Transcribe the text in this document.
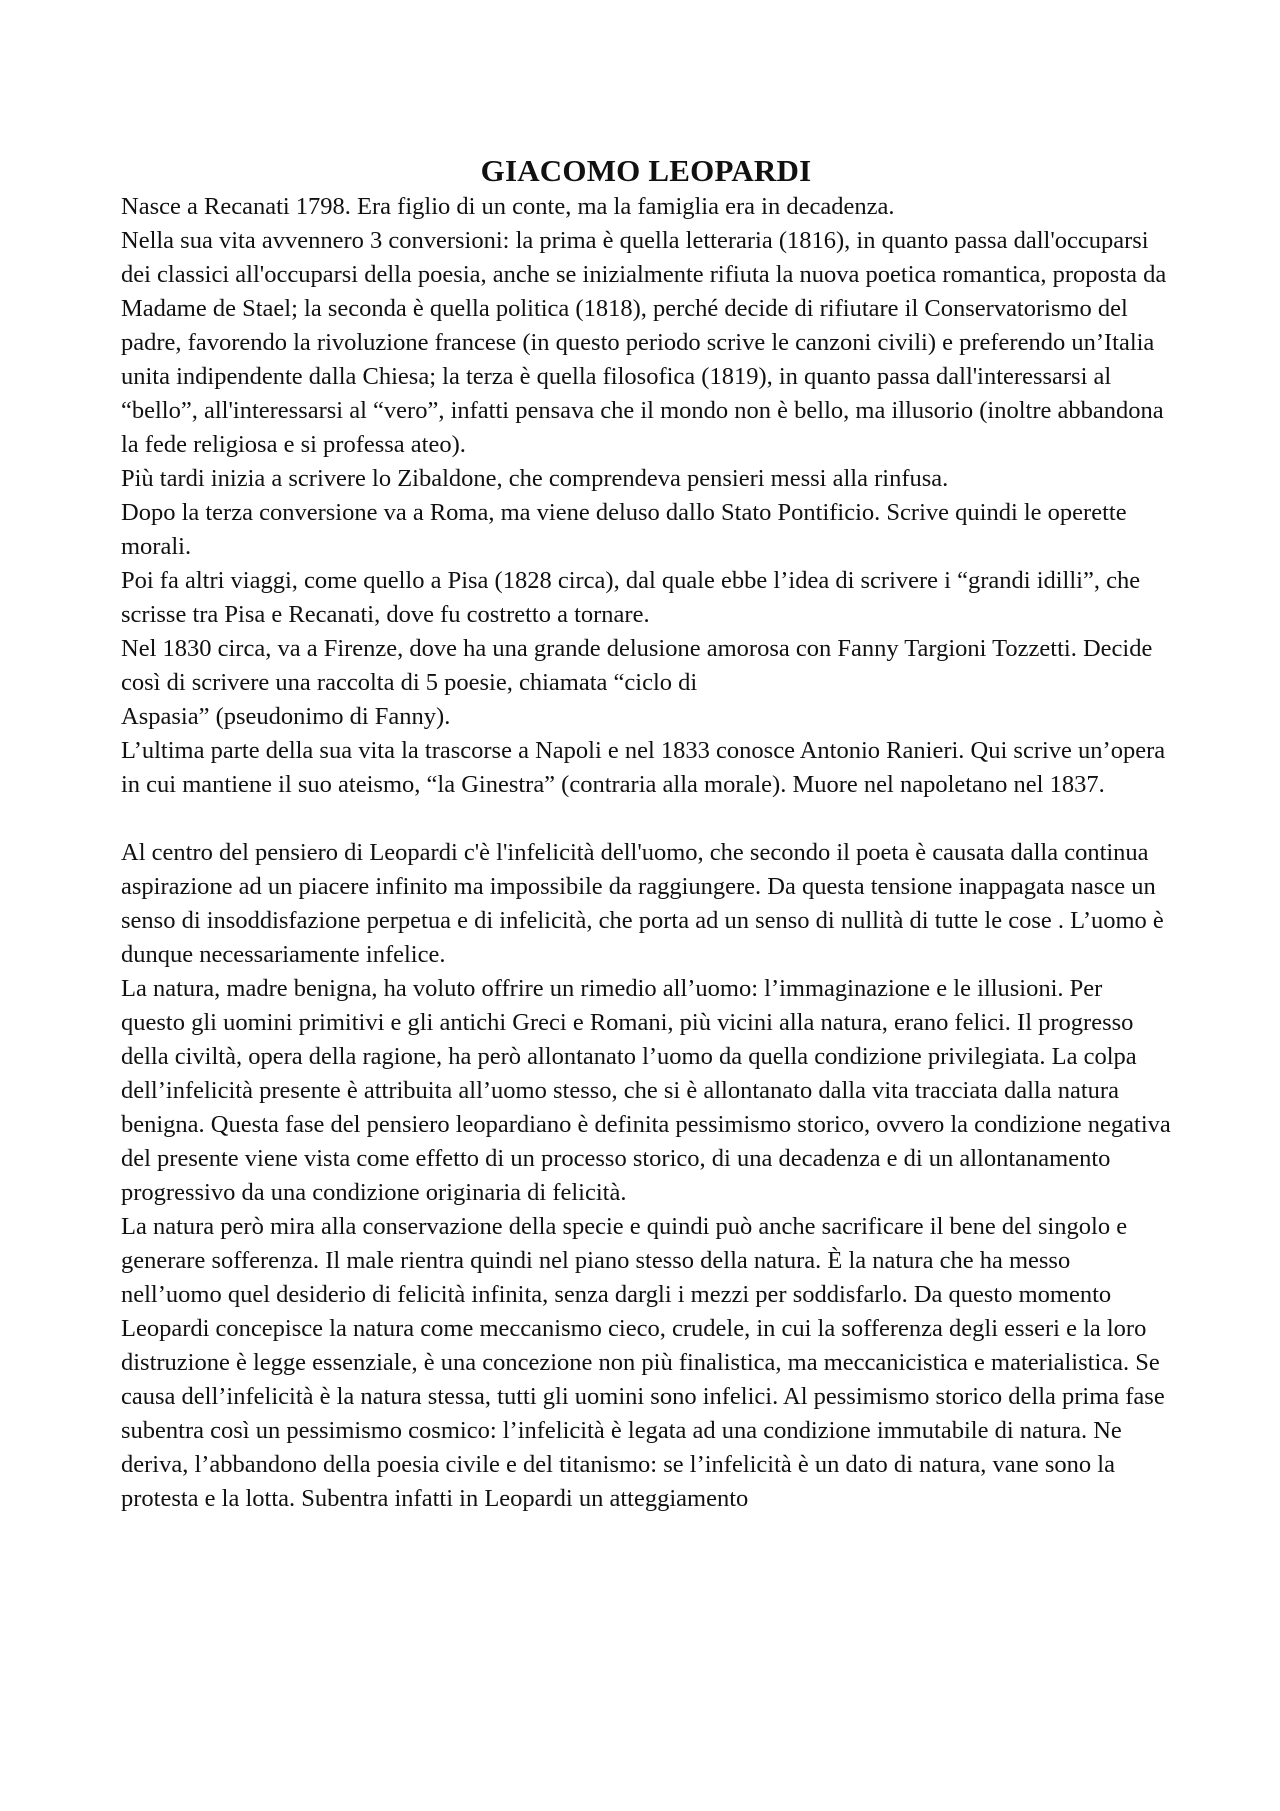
GIACOMO LEOPARDI

Nasce a Recanati 1798. Era figlio di un conte, ma la famiglia era in decadenza.

Nella sua vita avvennero 3 conversioni: la prima è quella letteraria (1816), in quanto passa dall'occuparsi dei classici all'occuparsi della poesia, anche se inizialmente rifiuta la nuova poetica romantica, proposta da Madame de Stael; la seconda è quella politica (1818), perché decide di rifiutare il Conservatorismo del padre, favorendo la rivoluzione francese (in questo periodo scrive le canzoni civili) e preferendo un’Italia unita indipendente dalla Chiesa; la terza è quella filosofica (1819), in quanto passa dall'interessarsi al “bello”, all'interessarsi al “vero”, infatti pensava che il mondo non è bello, ma illusorio (inoltre abbandona la fede religiosa e si professa ateo).

Più tardi inizia a scrivere lo Zibaldone, che comprendeva pensieri messi alla rinfusa.

Dopo la terza conversione va a Roma, ma viene deluso dallo Stato Pontificio. Scrive quindi le operette morali.

Poi fa altri viaggi, come quello a Pisa (1828 circa), dal quale ebbe l’idea di scrivere i “grandi idilli”, che scrisse tra Pisa e Recanati, dove fu costretto a tornare.

Nel 1830 circa, va a Firenze, dove ha una grande delusione amorosa con Fanny Targioni Tozzetti. Decide così di scrivere una raccolta di 5 poesie, chiamata “ciclo di

Aspasia” (pseudonimo di Fanny).

L’ultima parte della sua vita la trascorse a Napoli e nel 1833 conosce Antonio Ranieri. Qui scrive un’opera in cui mantiene il suo ateismo, “la Ginestra” (contraria alla morale). Muore nel napoletano nel 1837.

Al centro del pensiero di Leopardi c'è l'infelicità dell'uomo, che secondo il poeta è causata dalla continua aspirazione ad un piacere infinito ma impossibile da raggiungere. Da questa tensione inappagata nasce un senso di insoddisfazione perpetua e di infelicità, che porta ad un senso di nullità di tutte le cose . L’uomo è dunque necessariamente infelice.

La natura, madre benigna, ha voluto offrire un rimedio all’uomo: l’immaginazione e le illusioni. Per questo gli uomini primitivi e gli antichi Greci e Romani, più vicini alla natura, erano felici. Il progresso della civiltà, opera della ragione, ha però allontanato l’uomo da quella condizione privilegiata. La colpa dell’infelicità presente è attribuita all’uomo stesso, che si è allontanato dalla vita tracciata dalla natura benigna. Questa fase del pensiero leopardiano è definita pessimismo storico, ovvero la condizione negativa del presente viene vista come effetto di un processo storico, di una decadenza e di un allontanamento progressivo da una condizione originaria di felicità.

La natura però mira alla conservazione della specie e quindi può anche sacrificare il bene del singolo e generare sofferenza. Il male rientra quindi nel piano stesso della natura. È la natura che ha messo nell’uomo quel desiderio di felicità infinita, senza dargli i mezzi per soddisfarlo. Da questo momento Leopardi concepisce la natura come meccanismo cieco, crudele, in cui la sofferenza degli esseri e la loro distruzione è legge essenziale, è una concezione non più finalistica, ma meccanicistica e materialistica. Se causa dell’infelicità è la natura stessa, tutti gli uomini sono infelici. Al pessimismo storico della prima fase subentra così un pessimismo cosmico: l’infelicità è legata ad una condizione immutabile di natura. Ne deriva, l’abbandono della poesia civile e del titanismo: se l’infelicità è un dato di natura, vane sono la protesta e la lotta. Subentra infatti in Leopardi un atteggiamento
